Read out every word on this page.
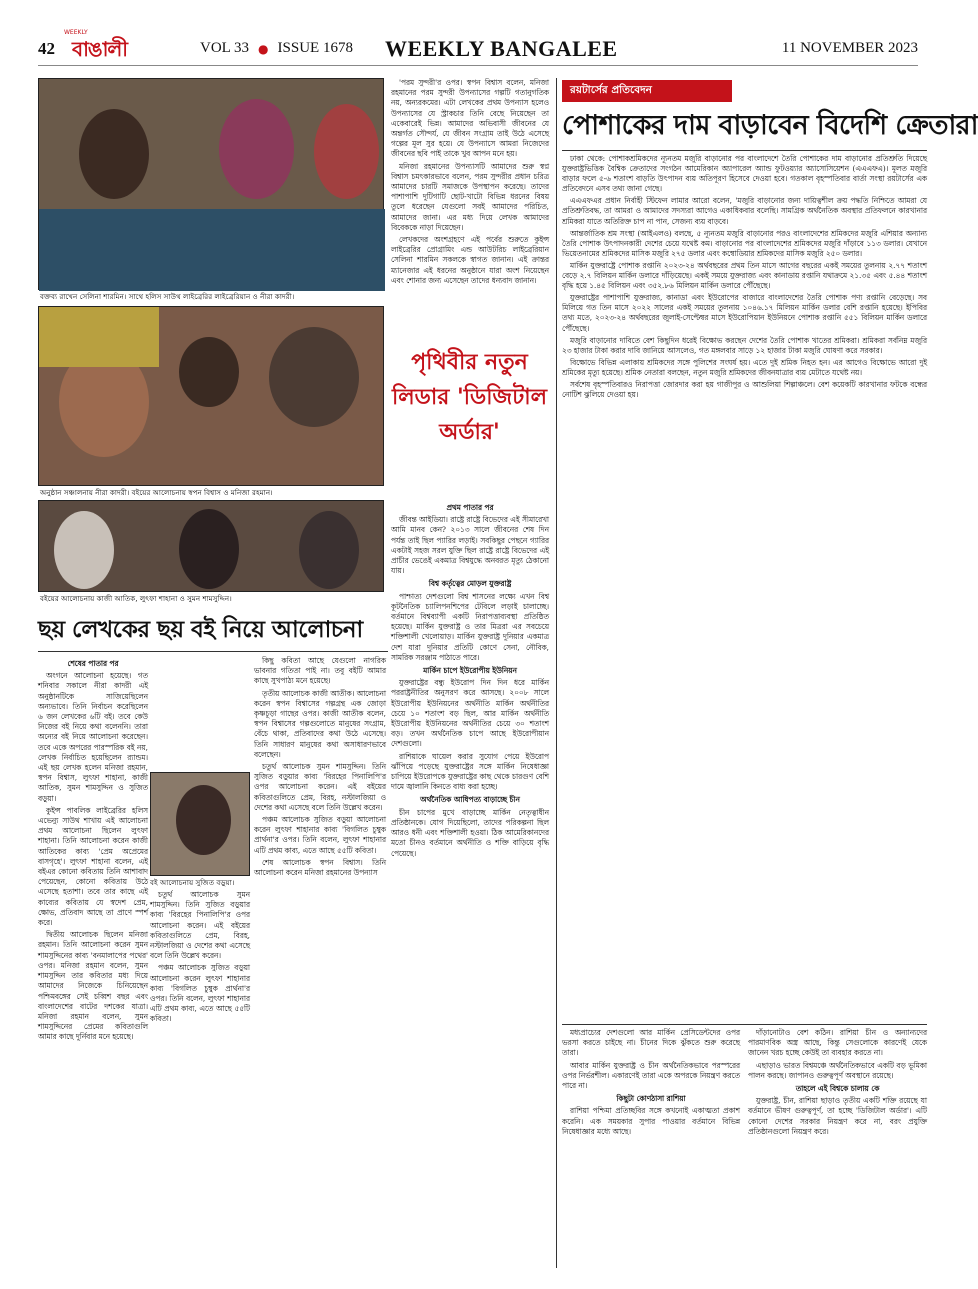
42
WEEKLY
বাঙালী	VOL 33 ● ISSUE 1678 WEEKLY BANGALEE	11 NOVEMBER 2023
বক্তব্য রাখেন সেলিনা শারমিন। সাথে হলিস সাউথ লাইব্রেরির লাইব্রেরিয়ান ও নীরা কাদরী।
অনুষ্ঠান সঞ্চালনায় নীরা কাদরী। বইয়ের আলোচনায় স্বপন বিশ্বাস ও মনিজা রহমান।
বইয়ের আলোচনায় কাজী আতিক, লুৎফা শাহানা ও সুমন শামসুদ্দিন।
ছয় লেখকের ছয় বই নিয়ে আলোচনা

শেষের পাতার পর

অংগনে আলোচনা হয়েছে। গত শনিবার সকালে নীরা কাদরী এই অনুষ্ঠানটিকে সাজিয়েছিলেন অন্যভাবে। তিনি নির্বাচন করেছিলেন ৬ জন লেখকের ৬টি বই। তবে কেউ নিজের বই নিয়ে কথা বলেননি। তারা অন্যের বই নিয়ে আলোচনা করেছেন। তবে একে অপরের পারস্পরিক বই নয়, লেখক নির্বাচিত হয়েছিলেন র‍্যান্ডম। এই ছয় লেখক হলেন মনিজা রহমান, স্বপন বিশ্বাস, লুৎফা শাহানা, কাজী আতিক, সুমন শামসুদ্দিন ও সুজিত বড়ুয়া।

কুইন্স পাবলিক লাইব্রেরির হলিস এভেন্যু সাউথ শাখায় এই আলোচনা প্রথম আলোচনা ছিলেন লুৎফা শাহানা। তিনি আলোচনা করেন কাজী আতিকের কাব্য 'প্রেম অপ্রেমের বাসগৃহে'। লুৎফা শাহানা বলেন, এই বইএর কোনো কবিতায় তিনি আশাবাদ পেয়েছেন, কোনো কবিতায় উঠে এসেছে হতাশা। তবে তার কাছে এই কাব্যের কবিতায় যে স্বদেশ প্রেম, ক্ষোভ, প্রতিবাদ আছে তা প্রাণে স্পর্শ করে।

দ্বিতীয় আলোচক ছিলেন মনিজা রহমান। তিনি আলোচনা করেন সুমন শামসুদ্দিনের কাব্য 'বনমালাপের পথের' ওপর। মনিজা রহমান বলেন, সুমন শামসুদ্দিন তার কবিতার মধ্য দিয়ে আমাদের নিজেকে চিনিয়েছেন পশ্চিমবঙ্গের সেই চব্বিশ বছর এবং বাংলাদেশের বাটের দশকের যাত্রা। মনিজা রহমান বলেন, সুমন শামসুদ্দিনের প্রেমের কবিতাগুলি আমার কাছে দুর্নিবার মনে হয়েছে।

বই আলোচনায় সুজিত বড়ুয়া।

কিছু কবিতা আছে যেগুলো নাগরিক ভাবনার গতিতা পাই না। তবু বইটি আমার কাছে সুখপাঠ্য মনে হয়েছে।

তৃতীয় আলোচক কাজী আতীক। আলোচনা করেন স্বপন বিশ্বাসের গল্পগ্রন্থ এক জোড়া কৃষ্ণচূড়া গাছের ওপর। কাজী আতীক বলেন, স্বপন বিশ্বাসের গল্পগুলোতে মানুষের সংগ্রাম, বেঁচে থাকা, প্রতিবাদের কথা উঠে এসেছে। তিনি সাধারণ মানুষের কথা অসাধারণভাবে বলেছেন।

চতুর্থ আলোচক সুমন শামসুদ্দিন। তিনি সুজিত বড়ুয়ার কাব্য 'বিরহের পিনালিপি'র ওপর আলোচনা করেন। এই বইয়ের কবিতাগুলিতে প্রেম, বিরহ, নস্টালজিয়া ও দেশের কথা এসেছে বলে তিনি উল্লেখ করেন।

পঞ্চম আলোচক সুজিত বড়ুয়া আলোচনা করেন লুৎফা শাহানার কাব্য 'বিগলিত চুম্বুক প্রার্থনা'র ওপর। তিনি বলেন, লুৎফা শাহানার এটি প্রথম কাব্য, এতে আছে ৫৫টি কবিতা।

শেষ আলোচক স্বপন বিশ্বাস। তিনি আলোচনা করেন মনিজা রহমানের উপন্যাস

চতুর্থ আলোচক সুমন শামসুদ্দিন। তিনি সুজিত বড়ুয়ার কাব্য 'বিরহের পিনালিপি'র ওপর আলোচনা করেন। এই বইয়ের কবিতাগুলিতে প্রেম, বিরহ, নস্টালজিয়া ও দেশের কথা এসেছে বলে তিনি উল্লেখ করেন।

পঞ্চম আলোচক সুজিত বড়ুয়া আলোচনা করেন লুৎফা শাহানার কাব্য 'বিগলিত চুম্বুক প্রার্থনা'র ওপর। তিনি বলেন, লুৎফা শাহানার এটি প্রথম কাব্য, এতে আছে ৫৫টি কবিতা।

'পরম সুন্দরী'র ওপর। স্বপন বিশ্বাস বলেন, মনিজা রহমানের পরম সুন্দরী উপন্যাসের গল্পটি গতানুগতিক নয়, অন্যরকমের। এটা লেখকের প্রথম উপন্যাস হলেও উপন্যাসের যে স্ট্রাকচার তিনি বেছে নিয়েছেন তা একেবারেই ভিন্ন। আমাদের অভিবাসী জীবনের যে অন্তর্গত সৌন্দর্য, যে জীবন সংগ্রাম তাই উঠে এসেছে গল্পের মূল সুর হয়ে। যে উপন্যাসে আমরা নিজেদের জীবনের ছবি পাই তাকে খুব আপন মনে হয়।

মনিজা রহমানের উপন্যাসটি আমাদের শুরু স্বপ্ন বিশ্বাস চমৎকারভাবে বলেন, পরম সুন্দরীর প্রধান চরিত্র আমাদের চারটি সমাজকে উপস্থাপন করেছে। তাদের পাশাপাশি দুটিগাটি ছোট-খাটো বিভিন্ন ধরনের বিষয় তুলে ধরেছেন যেগুলো সবই আমাদের পরিচিত, আমাদের জানা। এর মধ্য দিয়ে লেখক আমাদের বিবেককে নাড়া দিয়েছেন।

লেখকদের অংশগ্রহণে এই পর্বের শুরুতে কুইন্স লাইব্রেরির প্রোগ্রামিং এন্ড আউটরিচ লাইব্রেরিয়ান সেলিনা শারমিন সকলকে স্বাগত জানান। এই ক্রান্তর ম্যানেজার এই ধরনের অনুষ্ঠানে যারা অংশ নিয়েছেন এবং শোনার জন্য এসেছেন তাদের ধন্যবাদ জানান।

পৃথিবীর নতুন লিডার 'ডিজিটাল অর্ডার'

প্রথম পাতার পর

জীবন্ত আইডিয়া। রাষ্ট্রে রাষ্ট্রে বিভেদের এই সীমারেখা আমি মানব কেন? ২০১৩ সালে জীবনের শেষ দিন পর্যন্ত তাই ছিল প্যারির লড়াই। সবকিছুর পেছনে গ্যারির একটাই সহজ সরল যুক্তি ছিল রাষ্ট্রে রাষ্ট্রে বিভেদের এই প্রাচীর ভেঙেই একমাত্র বিশ্বযুদ্ধে অনবরত মৃত্যু ঠেকানো যায়।

বিশ্ব কর্তৃত্বের মোড়ল যুক্তরাষ্ট্র

পাশ্চাত্য দেশগুলো বিশ্ব শাসনের লক্ষ্যে এখন বিশ্ব কূটনৈতিক চ্যালিপনশিপের টেবিলে লড়াই চালাচ্ছে। বর্তমানে বিশ্বব্যাপী একটি নিরাপত্তাব্যবস্থা প্রতিষ্ঠিত হয়েছে। মার্কিন যুক্তরাষ্ট্র ও তার মিত্ররা এর সবচেয়ে শক্তিশালী খেলোয়াড়। মার্কিন যুক্তরাষ্ট্র দুনিয়ার একমাত্র দেশ যারা দুনিয়ার প্রতিটি কোণে সেনা, নৌবিক, সামরিক সরঞ্জাম পাঠাতে পারে।

মার্কিন চাপে ইউরোপীয় ইউনিয়ন

যুক্তরাষ্ট্রের বন্ধু ইউরোপ দিন দিন ধরে মার্কিন পররাষ্ট্রনীতির অনুসরণ করে আসছে। ২০০৮ সালে ইউরোপীয় ইউনিয়নের অর্থনীতি মার্কিন অর্থনীতির চেয়ে ১০ শতাংশ বড় ছিল, আর মার্কিন অর্থনীতি ইউরোপীয় ইউনিয়নের অর্থনীতির চেয়ে ৩০ শতাংশ বড়। তখন অর্থনৈতিক চাপে আছে ইউরোপীয়ান দেশগুলো।

রাশিয়াকে ঘায়েল করার সুযোগ পেয়ে ইউরোপ ঝাঁপিয়ে পড়েছে যুক্তরাষ্ট্রের সঙ্গে মার্কিন নিষেধাজ্ঞা চাপিয়ে ইউরোপকে যুক্তরাষ্ট্রের কাছ থেকে চারগুণ বেশি দামে জ্বালানি কিনতে বাধ্য করা হচ্ছে।

অর্থনৈতিক আধিপত্য বাড়াচ্ছে চীন

চীন চাপের মুখে বাড়াচ্ছে মার্কিন নেতৃত্বাধীন প্রতিষ্ঠানকে। যোগ দিয়েছিলো, তাদের পরিকল্পনা ছিল আরও ধনী এবং শক্তিশালী হওয়া। ঠিক আমেরিকানদের মতো চীনও বর্তমানে অর্থনীতি ও শক্তি বাড়িয়ে বৃদ্ধি পেয়েছে।

রয়টার্সের প্রতিবেদন
পোশাকের দাম বাড়াবেন বিদেশি ক্রেতারা

ঢাকা থেকে: পোশাকশ্রমিকদের ন্যূনতম মজুরি বাড়ানোর পর বাংলাদেশে তৈরি পোশাকের দাম বাড়ানোর প্রতিশ্রুতি দিয়েছে যুক্তরাষ্ট্রভিত্তিক বৈশ্বিক ক্রেতাদের সংগঠন আমেরিকান অ্যাপারেল অ্যান্ড ফুটওয়্যার অ্যাসোসিয়েশন (এএএফএ)। মূলত মজুরি বাড়ার ফলে ৫-৬ শতাংশ বাড়তি উৎপাদন ব্যয় অতিপূরণ হিসেবে দেওয়া হবে। গতকাল বৃহস্পতিবার বার্তা সংস্থা রয়টার্সের এক প্রতিবেদনে এসব তথ্য জানা গেছে।

এএএফএর প্রধান নির্বাহী স্টিফেন লামার আরো বলেন, 'মজুরি বাড়ানোর জন্য দায়িত্বশীল ক্রয় পদ্ধতি নিশ্চিতে আমরা যে প্রতিশ্রুতিবদ্ধ, তা আমরা ও আমাদের সদস্যরা আগেও একাধিকবার বলেছি। সামগ্রিক অর্থনৈতিক অবস্থার প্রতিফলনে কারখানার শ্রমিকরা যাতে অতিরিক্ত চাপ না পান, সেজন্য ব্যয় বাড়বে।

আন্তর্জাতিক শ্রম সংস্থা (আইএলও) বলছে, ৫ ন্যূনতম মজুরি বাড়ানোর পরও বাংলাদেশের শ্রমিকদের মজুরি এশিয়ার অন্যান্য তৈরি পোশাক উৎপাদনকারী দেশের চেয়ে যথেষ্ট কম। বাড়ানোর পর বাংলাদেশের শ্রমিকদের মজুরি দাঁড়াবে ১১৩ ডলার। যেখানে ভিয়েতনামের শ্রমিকদের মাসিক মজুরি ২৭৫ ডলার এবং কম্বোডিয়ার শ্রমিকদের মাসিক মজুরি ২৫০ ডলার।

মার্কিন যুক্তরাষ্ট্রে পোশাক রপ্তানি ২০২৩-২৪ অর্থবছরের প্রথম তিন মাসে আগের বছরের একই সময়ের তুলনায় ২.৭৭ শতাংশ বেড়ে ২.৭ বিলিয়ন মার্কিন ডলারে দাঁড়িয়েছে। একই সময়ে যুক্তরাজ্য এবং কানাডায় রপ্তানি যথাক্রমে ২১.৩৫ এবং ৫.৪৪ শতাংশ বৃদ্ধি হয়ে ১.৪৫ বিলিয়ন এবং ৩৫২.৮৬ মিলিয়ন মার্কিন ডলারে পৌঁছেছে।

যুক্তরাষ্ট্রের পাশাপাশি যুক্তরাজ্য, কানাডা এবং ইউরোপের বাজারে বাংলাদেশের তৈরি পোশাক পণ্য রপ্তানি বেড়েছে। সব মিলিয়ে গত তিন মাসে ২০২২ সালের একই সময়ের তুলনায় ১০৪৬.১৭ মিলিয়ন মার্কিন ডলার বেশি রপ্তানি হয়েছে। ইপিবির তথ্য মতে, ২০২৩-২৪ অর্থবছরের জুলাই-সেপ্টেম্বর মাসে ইউরোপিয়ান ইউনিয়নে পোশাক রপ্তানি ৫৫১ বিলিয়ন মার্কিন ডলারে পৌঁছেছে।

মজুরি বাড়ানোর দাবিতে বেশ কিছুদিন ধরেই বিক্ষোভ করছেন দেশের তৈরি পোশাক খাতের শ্রমিকরা। শ্রমিকরা সর্বনিম্ন মজুরি ২৩ হাজার টাকা করার দাবি জানিয়ে আসলেও, গত মঙ্গলবার সাড়ে ১২ হাজার টাকা মজুরি ঘোষণা করে সরকার।

বিক্ষোভে বিভিন্ন এলাকায় শ্রমিকদের সঙ্গে পুলিশের সংঘর্ষ হয়। এতে দুই শ্রমিক নিহত হন। এর আগেও বিক্ষোভে আরো দুই শ্রমিকের মৃত্যু হয়েছে। শ্রমিক নেতারা বলছেন, নতুন মজুরি শ্রমিকদের জীবনযাত্রার ব্যয় মেটাতে যথেষ্ট নয়।

সর্বশেষ বৃহস্পতিবারও নিরাপত্তা জোরদার করা হয় গাজীপুর ও আশুলিয়া শিল্পাঞ্চলে। বেশ কয়েকটি কারখানার ফটকে বন্ধের নোটিশ ঝুলিয়ে দেওয়া হয়।

মধ্যপ্রাচ্যের দেশগুলো আর মার্কিন প্রেসিডেন্টদের ওপর ভরসা করতে চাইছে না। চীনের দিকে ঝুঁকতে শুরু করেছে তারা।

আবার মার্কিন যুক্তরাষ্ট্র ও চীন অর্থনৈতিকভাবে পরস্পরের ওপর নির্ভরশীল। একারণেই তারা একে অপরকে নিয়ন্ত্রণ করতে পারে না।

কিছুটা কোণঠাসা রাশিয়া

রাশিয়া পশ্চিমা প্রতিচ্ছবির সঙ্গে কখনোই একাত্মতা প্রকাশ করেনি। এক সময়কার সুপার পাওয়ার বর্তমানে বিভিন্ন নিষেধাজ্ঞার মধ্যে আছে।

দাঁড়ানোটাও বেশ কঠিন। রাশিয়া চীন ও অন্যান্যদের পারমাণবিক অস্ত্র আছে, কিন্তু সেগুলোকে কারণেই যেকে জানেন খরচ হচ্ছে কেউই তা ব্যবহার করতে না।

এছাড়াও ভারত বিশ্বমঞ্চে অর্থনৈতিকভাবে একটি বড় ভূমিকা পালন করছে। জাপানও গুরুত্বপূর্ণ অবস্থানে রয়েছে।

তাহলে এই বিশ্বকে চালায় কে

যুক্তরাষ্ট্র, চীন, রাশিয়া ছাড়াও তৃতীয় একটি শক্তি রয়েছে যা বর্তমানে ভীষণ গুরুত্বপূর্ণ, তা হচ্ছে 'ডিজিটাল অর্ডার'। এটি কোনো দেশের সরকার নিয়ন্ত্রণ করে না, বরং প্রযুক্তি প্রতিষ্ঠানগুলো নিয়ন্ত্রণ করে।
